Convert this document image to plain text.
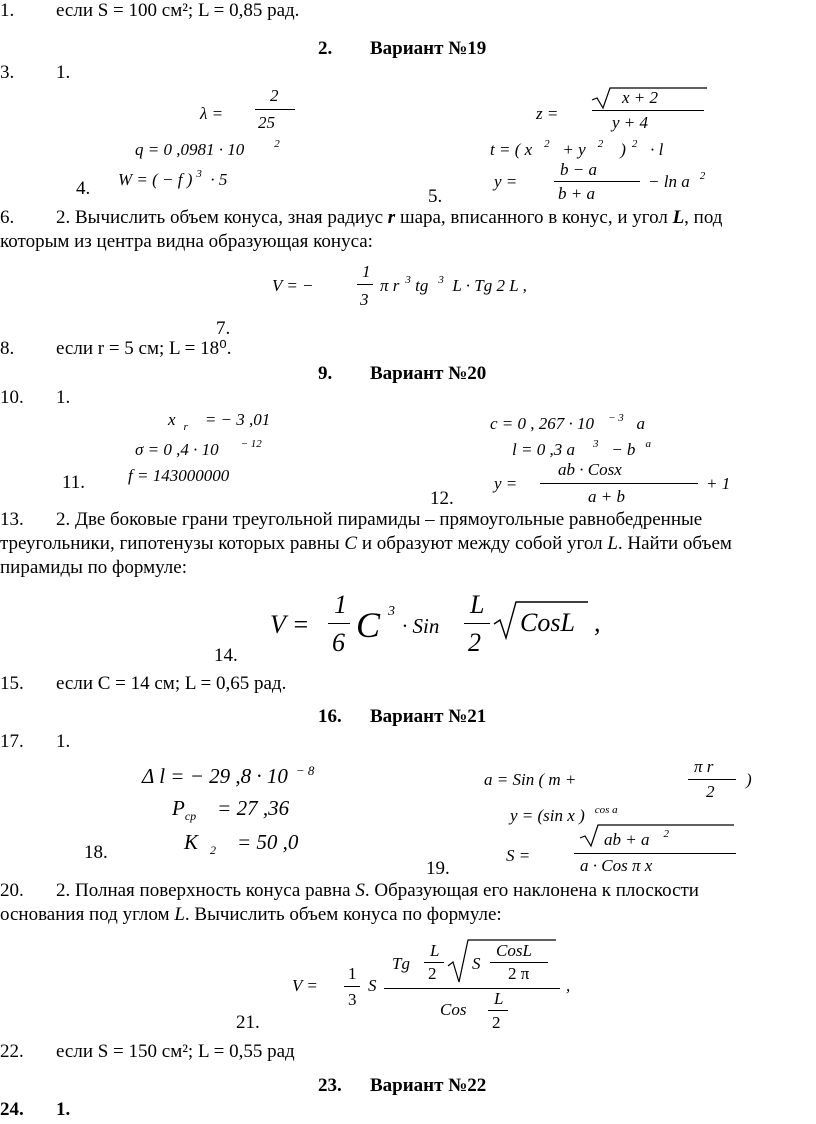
1. если S = 100 см²; L = 0,85 рад.
2. Вариант №19
3. 1.
λ =
2
25	z =
x + 2
y + 4
q = 0 ,0981 · 10	$^2$	t = ( x $^2$ + y $^2$ ) $^2$ · l
4. W = ( − f ) $^3$ · 5
5.
y =
b − a
b + a
− ln a $^2$
6. 2. Вычислить объем конуса, зная радиус r шара, вписанного в конус, и угол L, под
которым из центра видна образующая конуса:
V = −
1
3
π r $^3$ tg $^3$ L · Tg 2 L ,
7.
8. если r = 5 см; L = 18⁰.
9. Вариант №20
10. 1.
x $_r$ = − 3 ,01
σ = 0 ,4 · 10 $^{- 12}$
11.	f = 143000000
c = 0 , 267 · 10 $^{- 3}$ a
l = 0 ,3 a $^3$ − b $^a$
y =
ab · Cosx
a + b
+ 1
12.
13. 2. Две боковые грани треугольной пирамиды – прямоугольные равнобедренные
треугольники, гипотенузы которых равны C и образуют между собой угол L. Найти объем
пирамиды по формуле:
V =
1
6 C 3
· Sin
L
2
CosL ,
14.
15. если C = 14 см; L = 0,65 рад.
16. Вариант №21
17. 1.
Δ l = − 29 ,8 · 10 $^{- 8}$
$P_{ср} = 27$ ,36
K $_2$ = 50 ,0
18.
a = Sin ( m +
π r
2
)
y = (sin x ) $^{cos a}$
S =
ab + a $^2$
a · Cos π x
19.
20. 2. Полная поверхность конуса равна S. Образующая его наклонена к плоскости
основания под углом L. Вычислить объем конуса по формуле:
V =
1
3
S
Tg
L
2
S
CosL
2 π
Cos
L
2
,
21.
22. если S = 150 см²; L = 0,55 рад
23. Вариант №22
24. 1.
